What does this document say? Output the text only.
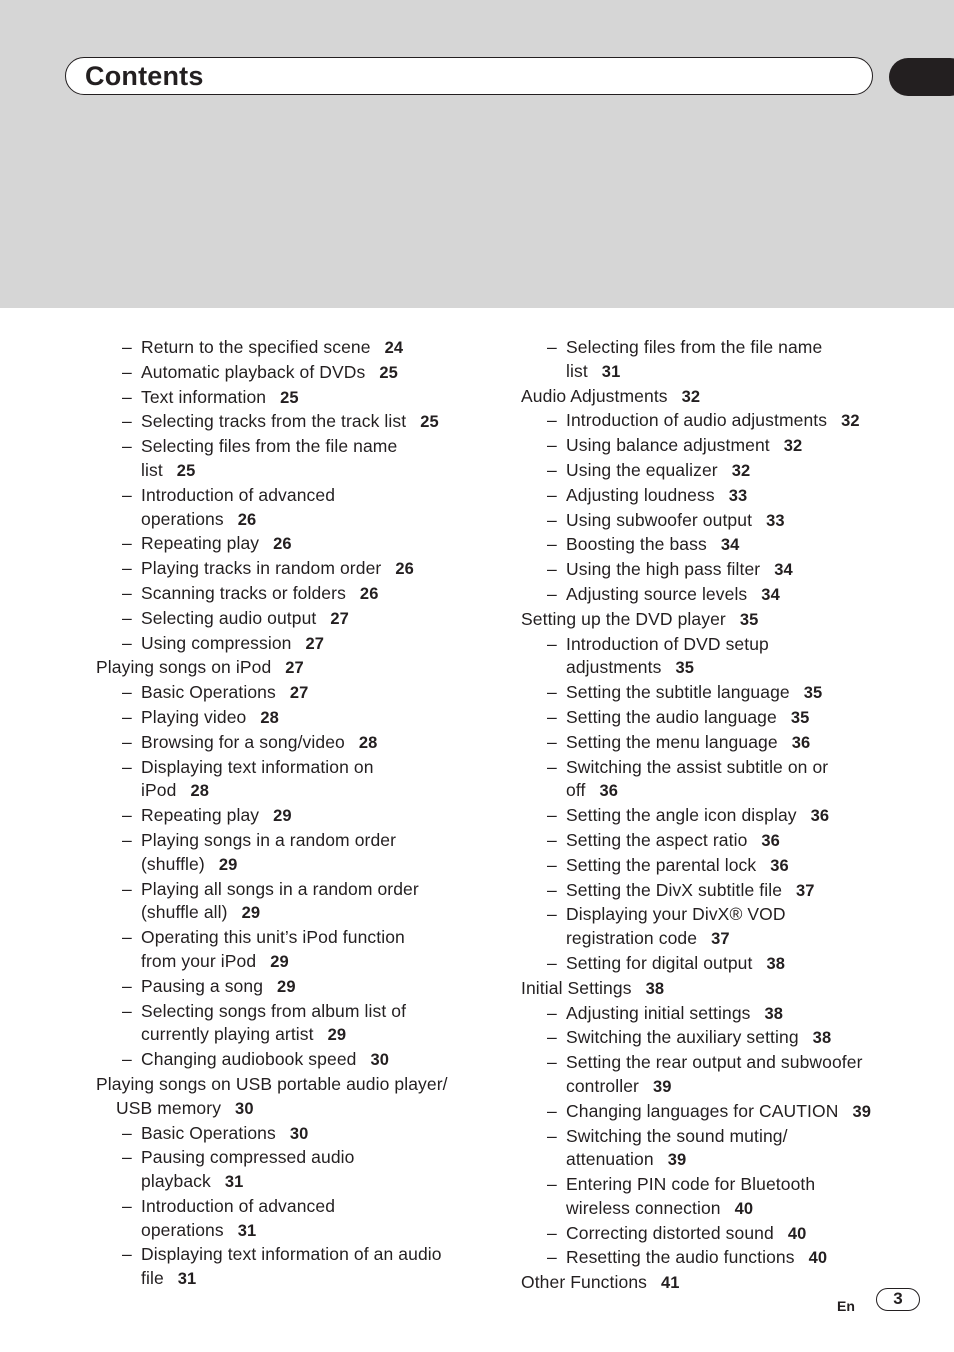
Contents
– Return to the specified scene 24
– Automatic playback of DVDs 25
– Text information 25
– Selecting tracks from the track list 25
– Selecting files from the file name
list 25
– Introduction of advanced
operations 26
– Repeating play 26
– Playing tracks in random order 26
– Scanning tracks or folders 26
– Selecting audio output 27
– Using compression 27
Playing songs on iPod 27
– Basic Operations 27
– Playing video 28
– Browsing for a song/video 28
– Displaying text information on
iPod 28
– Repeating play 29
– Playing songs in a random order
(shuffle) 29
– Playing all songs in a random order
(shuffle all) 29
– Operating this unit’s iPod function
from your iPod 29
– Pausing a song 29
– Selecting songs from album list of
currently playing artist 29
– Changing audiobook speed 30
Playing songs on USB portable audio player/
USB memory 30
– Basic Operations 30
– Pausing compressed audio
playback 31
– Introduction of advanced
operations 31
– Displaying text information of an audio
file 31
– Selecting files from the file name
list 31
Audio Adjustments 32
– Introduction of audio adjustments 32
– Using balance adjustment 32
– Using the equalizer 32
– Adjusting loudness 33
– Using subwoofer output 33
– Boosting the bass 34
– Using the high pass filter 34
– Adjusting source levels 34
Setting up the DVD player 35
– Introduction of DVD setup
adjustments 35
– Setting the subtitle language 35
– Setting the audio language 35
– Setting the menu language 36
– Switching the assist subtitle on or
off 36
– Setting the angle icon display 36
– Setting the aspect ratio 36
– Setting the parental lock 36
– Setting the DivX subtitle file 37
– Displaying your DivX® VOD
registration code 37
– Setting for digital output 38
Initial Settings 38
– Adjusting initial settings 38
– Switching the auxiliary setting 38
– Setting the rear output and subwoofer
controller 39
– Changing languages for CAUTION 39
– Switching the sound muting/
attenuation 39
– Entering PIN code for Bluetooth
wireless connection 40
– Correcting distorted sound 40
– Resetting the audio functions 40
Other Functions 41
En	3
